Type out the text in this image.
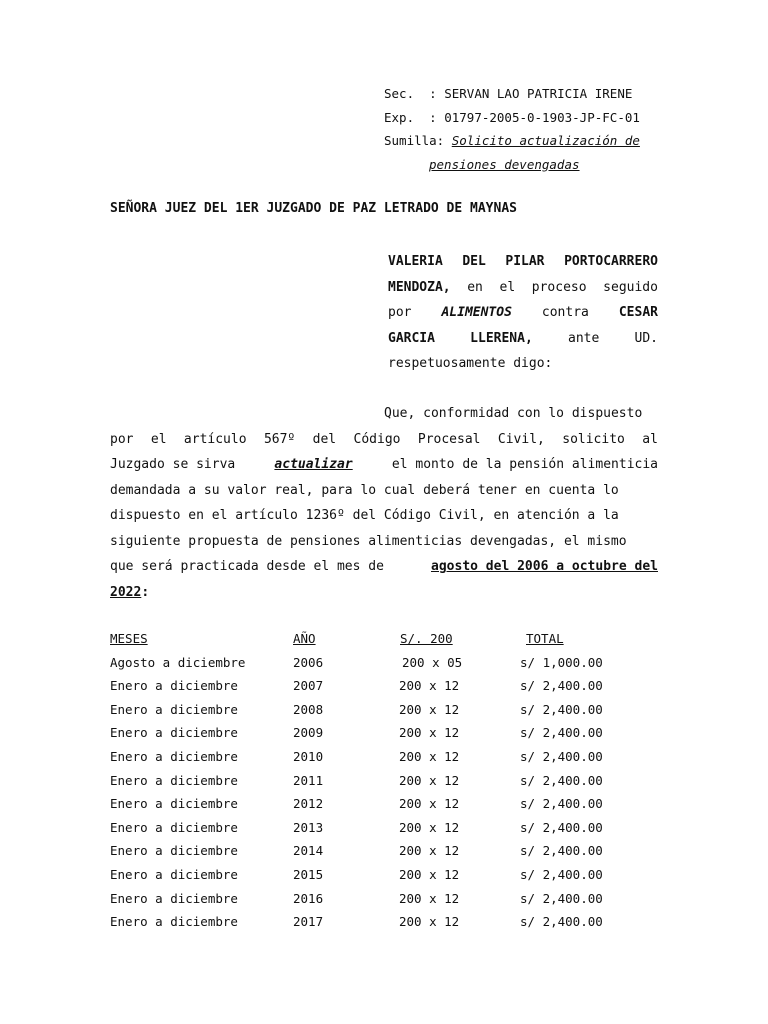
Sec. : SERVAN LAO PATRICIA IRENE
Exp. : 01797-2005-0-1903-JP-FC-01
Sumilla: Solicito actualización de
pensiones devengadas
SEÑORA JUEZ DEL 1ER JUZGADO DE PAZ LETRADO DE MAYNAS
VALERIA DEL PILAR PORTOCARRERO
MENDOZA, en el proceso seguido
por ALIMENTOS contra CESAR
GARCIA	LLERENA,	ante	UD.
respetuosamente digo:
Que, conformidad con lo dispuesto
por el artículo 567º del Código Procesal Civil, solicito al
Juzgado se sirva	actualizar	el monto de la pensión alimenticia
demandada a su valor real, para lo cual deberá tener en cuenta lo
dispuesto en el artículo 1236º del Código Civil, en atención a la
siguiente propuesta de pensiones alimenticias devengadas, el mismo
que será practicada desde el mes de	agosto del 2006 a octubre del
2022 :
MESES	AÑO	S/. 200	TOTAL
Agosto a diciembre	2006	200 x 05	s/ 1,000.00
Enero a diciembre	2007	200 x 12	s/ 2,400.00
Enero a diciembre	2008	200 x 12	s/ 2,400.00
Enero a diciembre	2009	200 x 12	s/ 2,400.00
Enero a diciembre	2010	200 x 12	s/ 2,400.00
Enero a diciembre	2011	200 x 12	s/ 2,400.00
Enero a diciembre	2012	200 x 12	s/ 2,400.00
Enero a diciembre	2013	200 x 12	s/ 2,400.00
Enero a diciembre	2014	200 x 12	s/ 2,400.00
Enero a diciembre	2015	200 x 12	s/ 2,400.00
Enero a diciembre	2016	200 x 12	s/ 2,400.00
Enero a diciembre	2017	200 x 12	s/ 2,400.00
